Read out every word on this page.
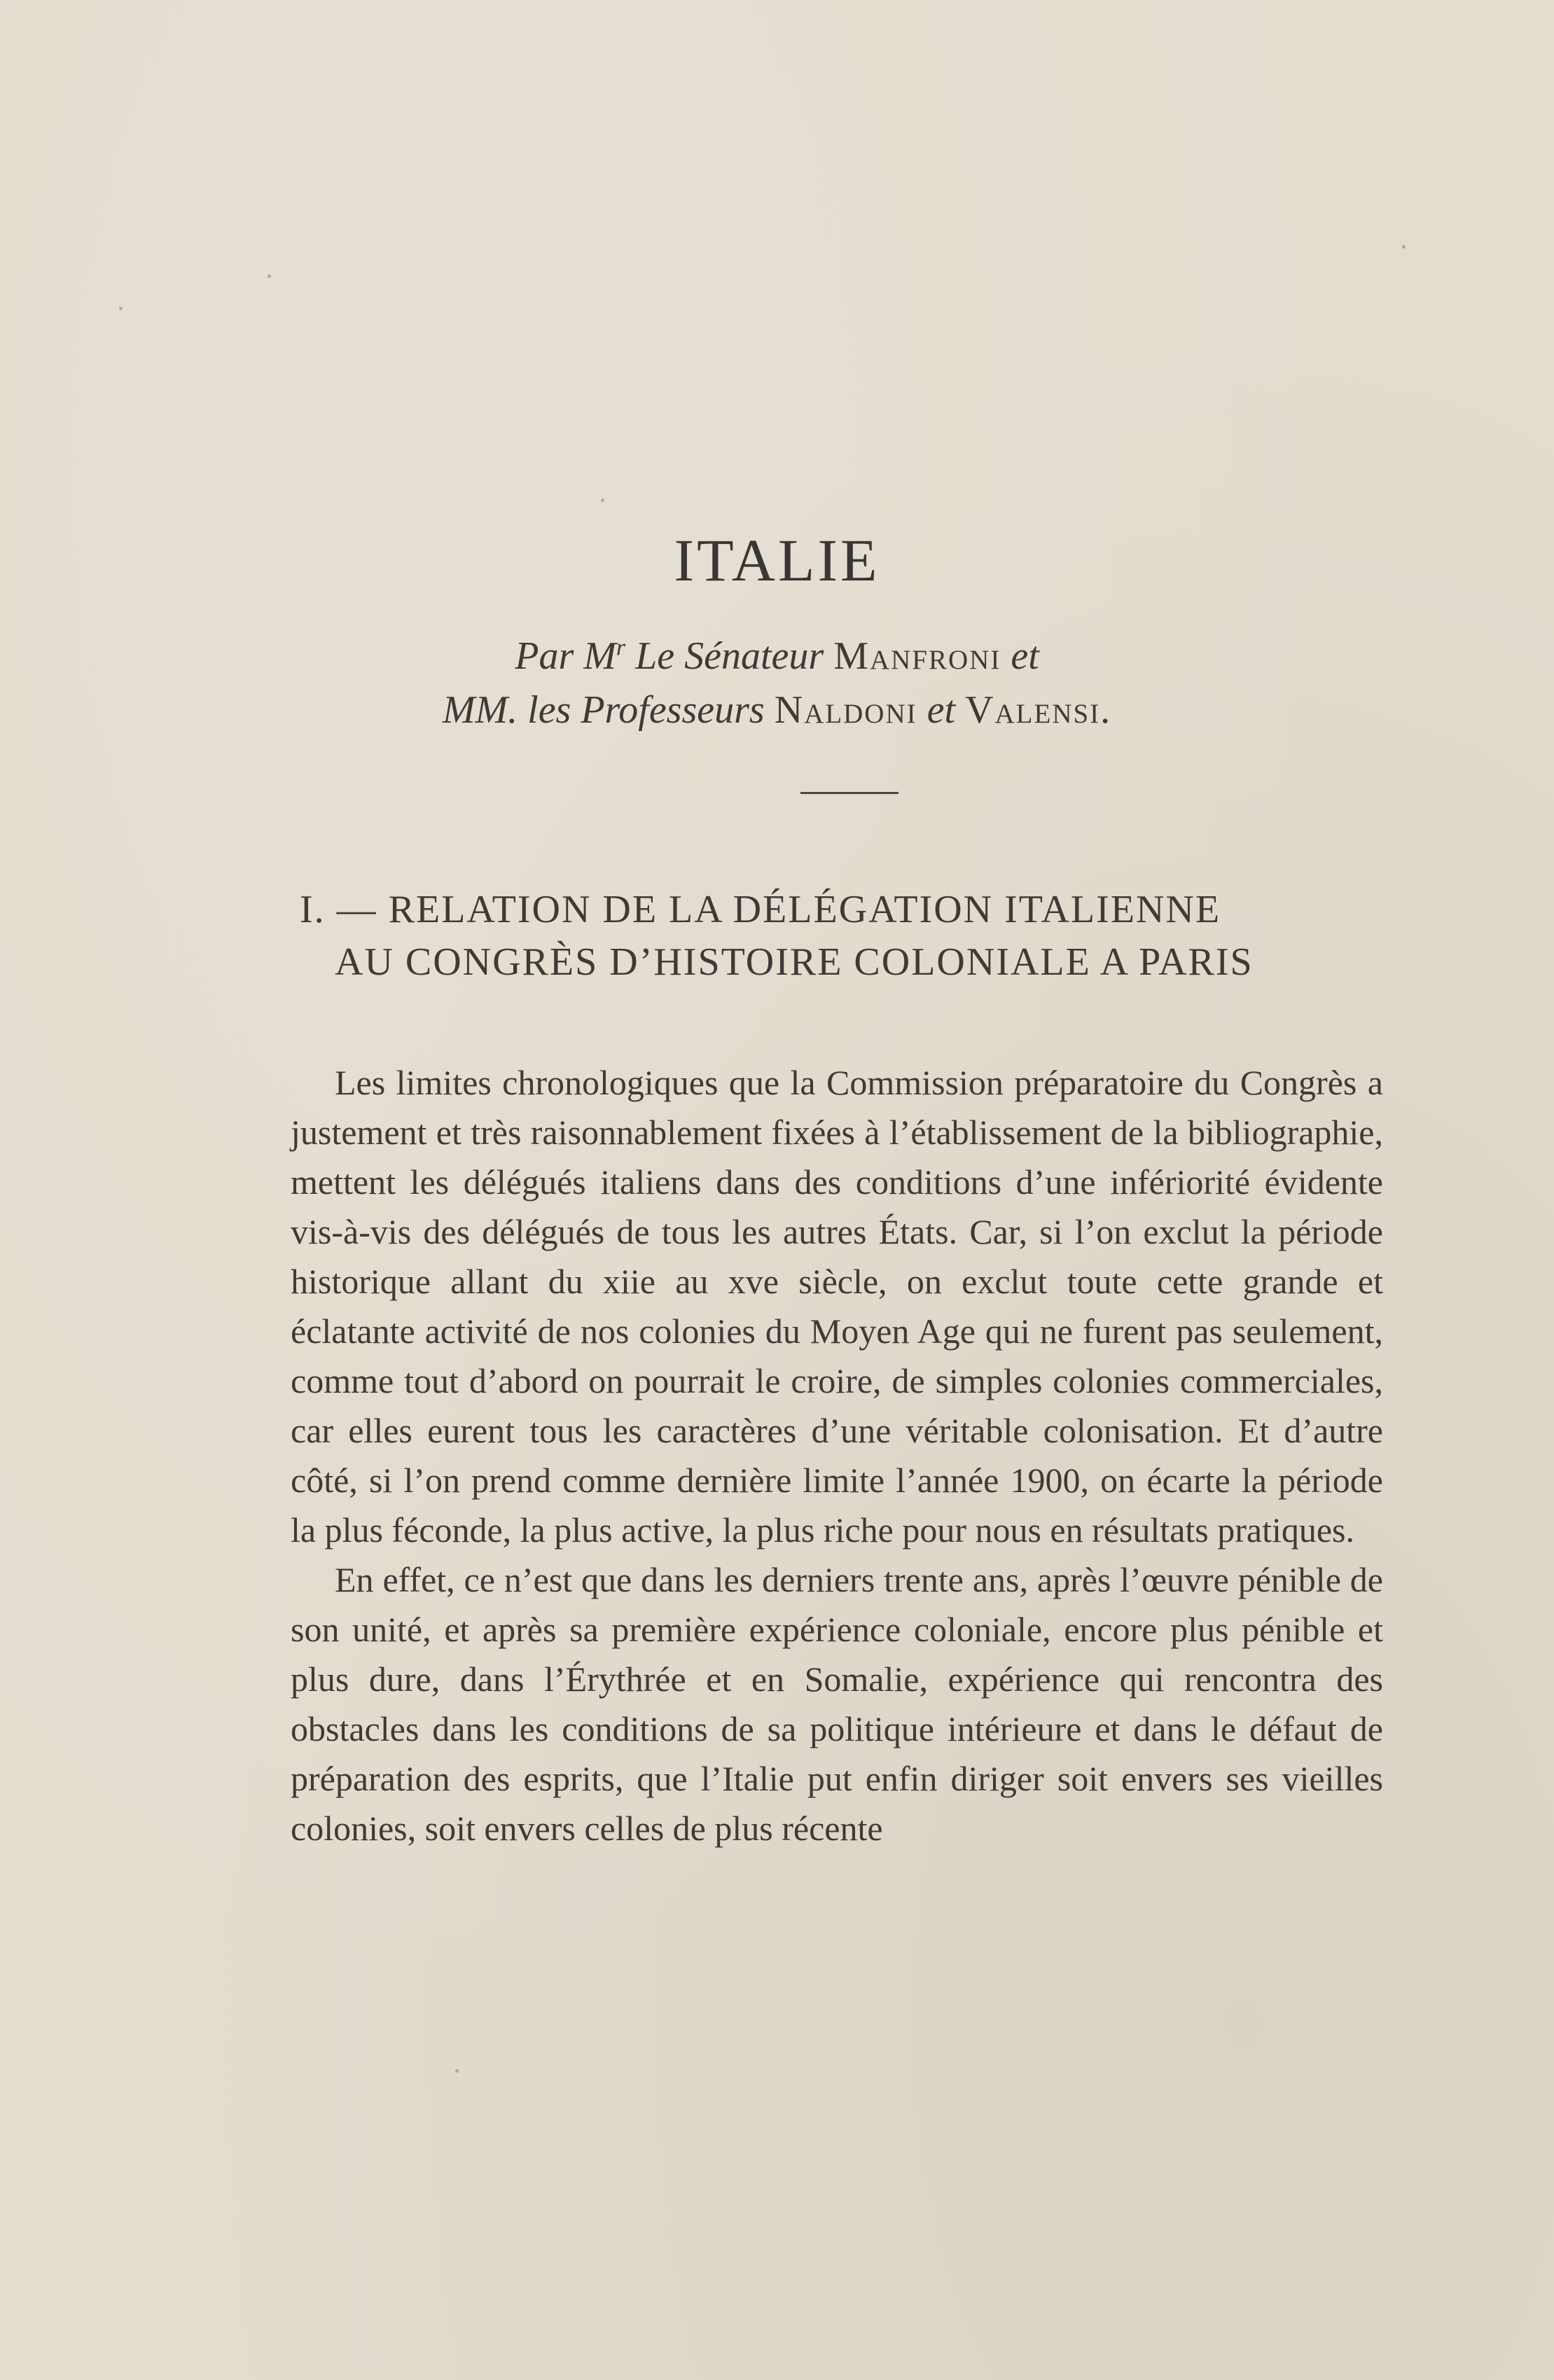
ITALIE
Par $M^r$ Le Sénateur Manfroni et
MM. les Professeurs Naldoni et Valensi.
I. — RELATION DE LA DÉLÉGATION ITALIENNE
AU CONGRÈS D’HISTOIRE COLONIALE A PARIS

Les limites chronologiques que la Commission préparatoire du Congrès a justement et très raisonnablement fixées à l’établissement de la bibliographie, mettent les délégués italiens dans des conditions d’une infériorité évidente vis-à-vis des délégués de tous les autres États. Car, si l’on exclut la période historique allant du xiie au xve siècle, on exclut toute cette grande et éclatante activité de nos colonies du Moyen Age qui ne furent pas seulement, comme tout d’abord on pourrait le croire, de simples colonies commerciales, car elles eurent tous les caractères d’une véritable colonisation. Et d’autre côté, si l’on prend comme dernière limite l’année 1900, on écarte la période la plus féconde, la plus active, la plus riche pour nous en résultats pratiques.

En effet, ce n’est que dans les derniers trente ans, après l’œuvre pénible de son unité, et après sa première expérience coloniale, encore plus pénible et plus dure, dans l’Érythrée et en Somalie, expérience qui rencontra des obstacles dans les conditions de sa politique intérieure et dans le défaut de préparation des esprits, que l’Italie put enfin diriger soit envers ses vieilles colonies, soit envers celles de plus récente
